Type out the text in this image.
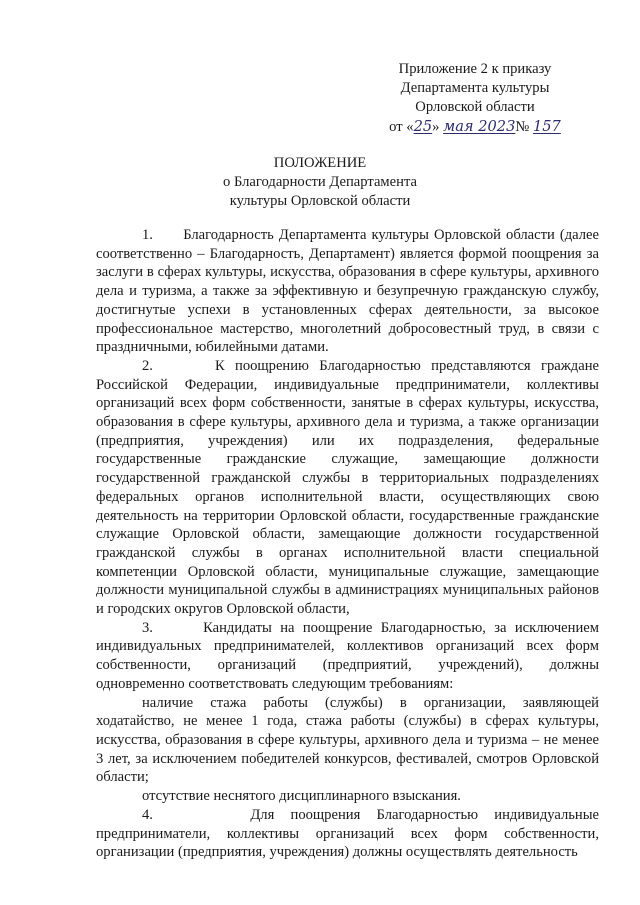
Приложение 2 к приказу
Департамента культуры
Орловской области
от «25» мая 2023№ 157
ПОЛОЖЕНИЕ
о Благодарности Департамента
культуры Орловской области

1.      Благодарность Департамента культуры Орловской области (далее соответственно – Благодарность, Департамент) является формой поощрения за заслуги в сферах культуры, искусства, образования в сфере культуры, архивного дела и туризма, а также за эффективную и безупречную гражданскую службу, достигнутые успехи в установленных сферах деятельности, за высокое профессиональное мастерство, многолетний добросовестный труд, в связи с праздничными, юбилейными датами.

2.      К поощрению Благодарностью представляются граждане Российской Федерации, индивидуальные предприниматели, коллективы организаций всех форм собственности, занятые в сферах культуры, искусства, образования в сфере культуры, архивного дела и туризма, а также организации (предприятия, учреждения) или их подразделения, федеральные государственные гражданские служащие, замещающие должности государственной гражданской службы в территориальных подразделениях федеральных органов исполнительной власти, осуществляющих свою деятельность на территории Орловской области, государственные гражданские служащие Орловской области, замещающие должности государственной гражданской службы в органах исполнительной власти специальной компетенции Орловской области, муниципальные служащие, замещающие должности муниципальной службы в администрациях муниципальных районов и городских округов Орловской области,

3.      Кандидаты на поощрение Благодарностью, за исключением индивидуальных предпринимателей, коллективов организаций всех форм собственности, организаций (предприятий, учреждений), должны одновременно соответствовать следующим требованиям:

наличие стажа работы (службы) в организации, заявляющей ходатайство, не менее 1 года, стажа работы (службы) в сферах культуры, искусства, образования в сфере культуры, архивного дела и туризма – не менее 3 лет, за исключением победителей конкурсов, фестивалей, смотров Орловской области;

отсутствие неснятого дисциплинарного взыскания.

4.      Для поощрения Благодарностью индивидуальные предприниматели, коллективы организаций всех форм собственности, организации (предприятия, учреждения) должны осуществлять деятельность
